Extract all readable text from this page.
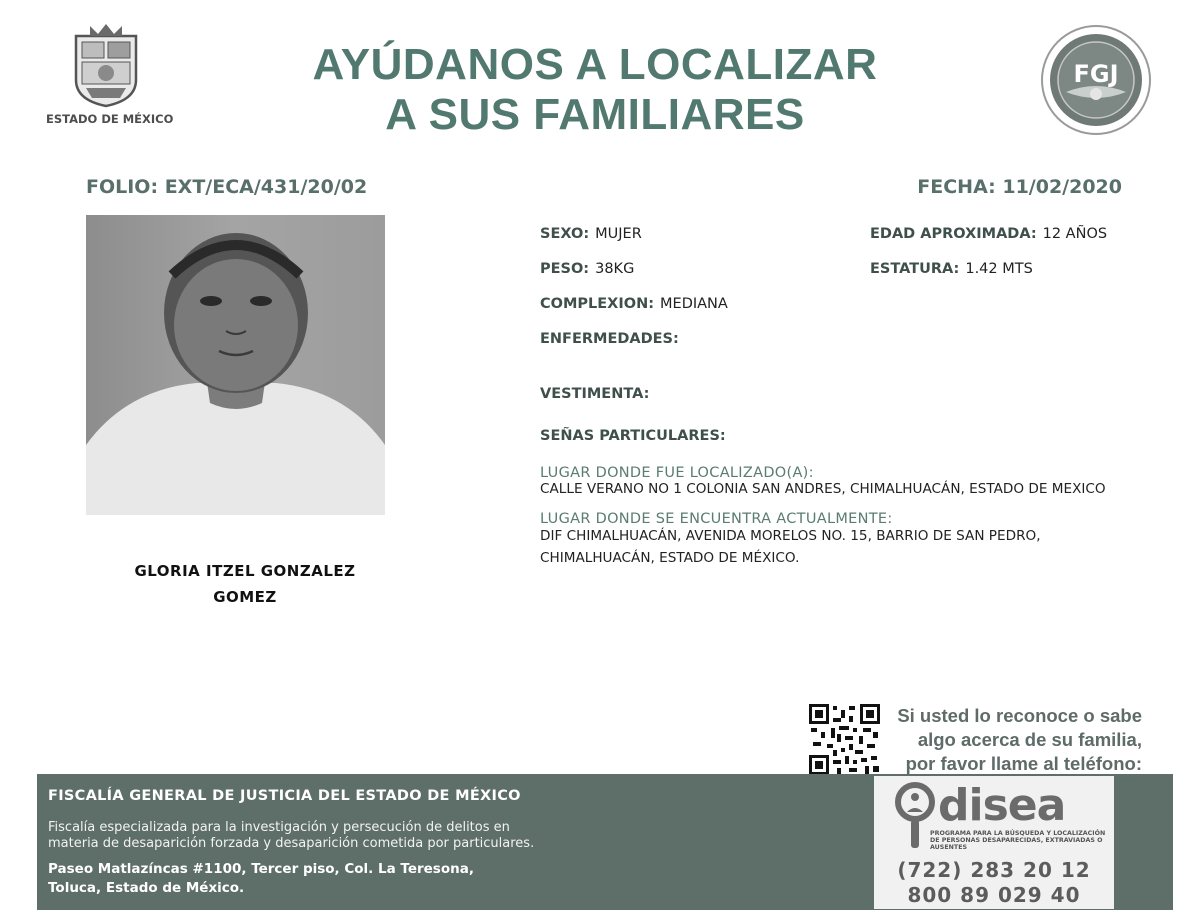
ESTADO DE MÉXICO
AYÚDANOS A LOCALIZAR
A SUS FAMILIARES
FGJ
FOLIO: EXT/ECA/431/20/02	FECHA: 11/02/2020
GLORIA ITZEL GONZALEZ
GOMEZ
SEXO: MUJER	EDAD APROXIMADA: 12 AÑOS
PESO: 38KG	ESTATURA: 1.42 MTS
COMPLEXION: MEDIANA
ENFERMEDADES:
VESTIMENTA:
SEÑAS PARTICULARES:
LUGAR DONDE FUE LOCALIZADO(A):
CALLE VERANO NO 1 COLONIA SAN ANDRES, CHIMALHUACÁN, ESTADO DE MEXICO
LUGAR DONDE SE ENCUENTRA ACTUALMENTE:
DIF CHIMALHUACÁN, AVENIDA MORELOS NO. 15, BARRIO DE SAN PEDRO,
CHIMALHUACÁN, ESTADO DE MÉXICO.
Si usted lo reconoce o sabe
algo acerca de su familia,
por favor llame al teléfono:
FISCALÍA GENERAL DE JUSTICIA DEL ESTADO DE MÉXICO
Fiscalía especializada para la investigación y persecución de delitos en
materia de desaparición forzada y desaparición cometida por particulares.
Paseo Matlazíncas #1100, Tercer piso, Col. La Teresona,
Toluca, Estado de México.
disea
PROGRAMA PARA LA BÚSQUEDA Y LOCALIZACIÓN DE PERSONAS DESAPARECIDAS, EXTRAVIADAS O AUSENTES
(722) 283 20 12
800 89 029 40
